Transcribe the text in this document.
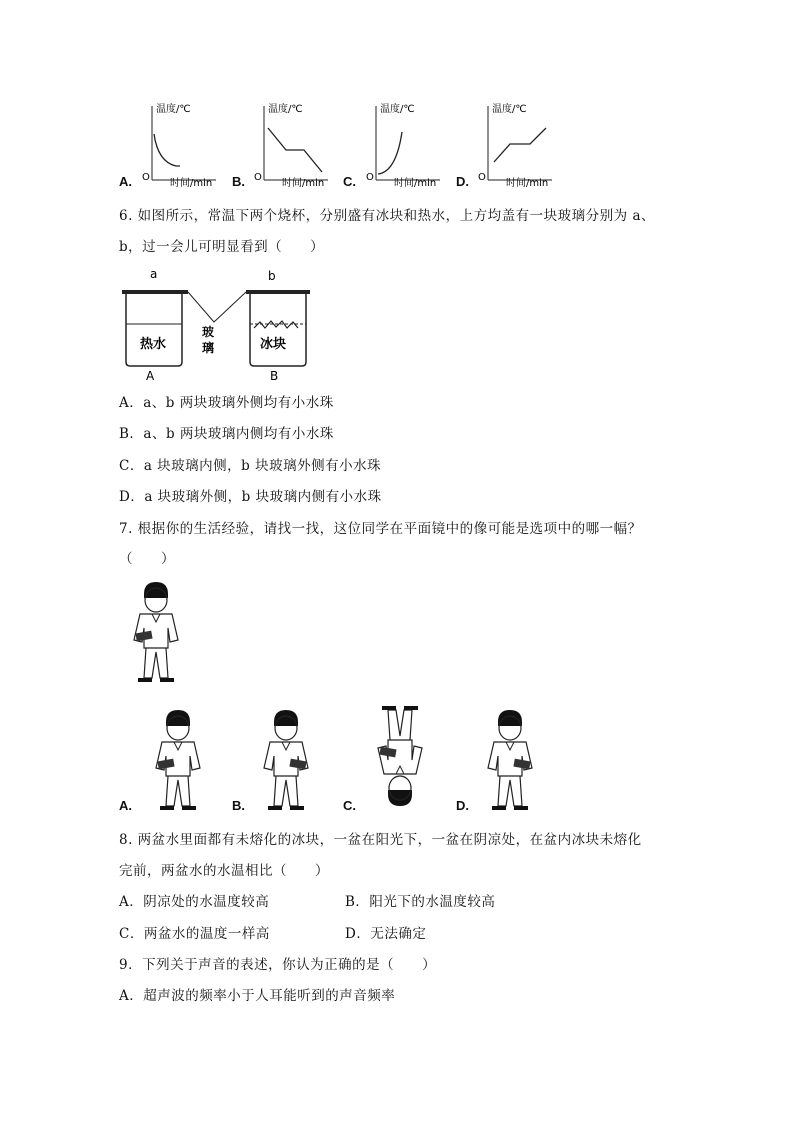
A.
温度/℃
O
时间/min B.
温度/℃
O
时间/min C.
温度/℃
O
时间/min D.
温度/℃
O
时间/min
6. 如图所示，常温下两个烧杯，分别盛有冰块和热水，上方均盖有一块玻璃分别为 a、
b，过一会儿可明显看到（　　）
a	b
热水	冰块
玻
璃
A	B
A．a、b 两块玻璃外侧均有小水珠
B．a、b 两块玻璃内侧均有小水珠
C．a 块玻璃内侧，b 块玻璃外侧有小水珠
D．a 块玻璃外侧，b 块玻璃内侧有小水珠
7. 根据你的生活经验，请找一找，这位同学在平面镜中的像可能是选项中的哪一幅？
（　　）
A.	B.	C.	D.
8. 两盆水里面都有未熔化的冰块，一盆在阳光下，一盆在阴凉处，在盆内冰块未熔化
完前，两盆水的水温相比（　　）
A．阴凉处的水温度较高	B．阳光下的水温度较高
C．两盆水的温度一样高	D．无法确定
9．下列关于声音的表述，你认为正确的是（　　）
A．超声波的频率小于人耳能听到的声音频率
